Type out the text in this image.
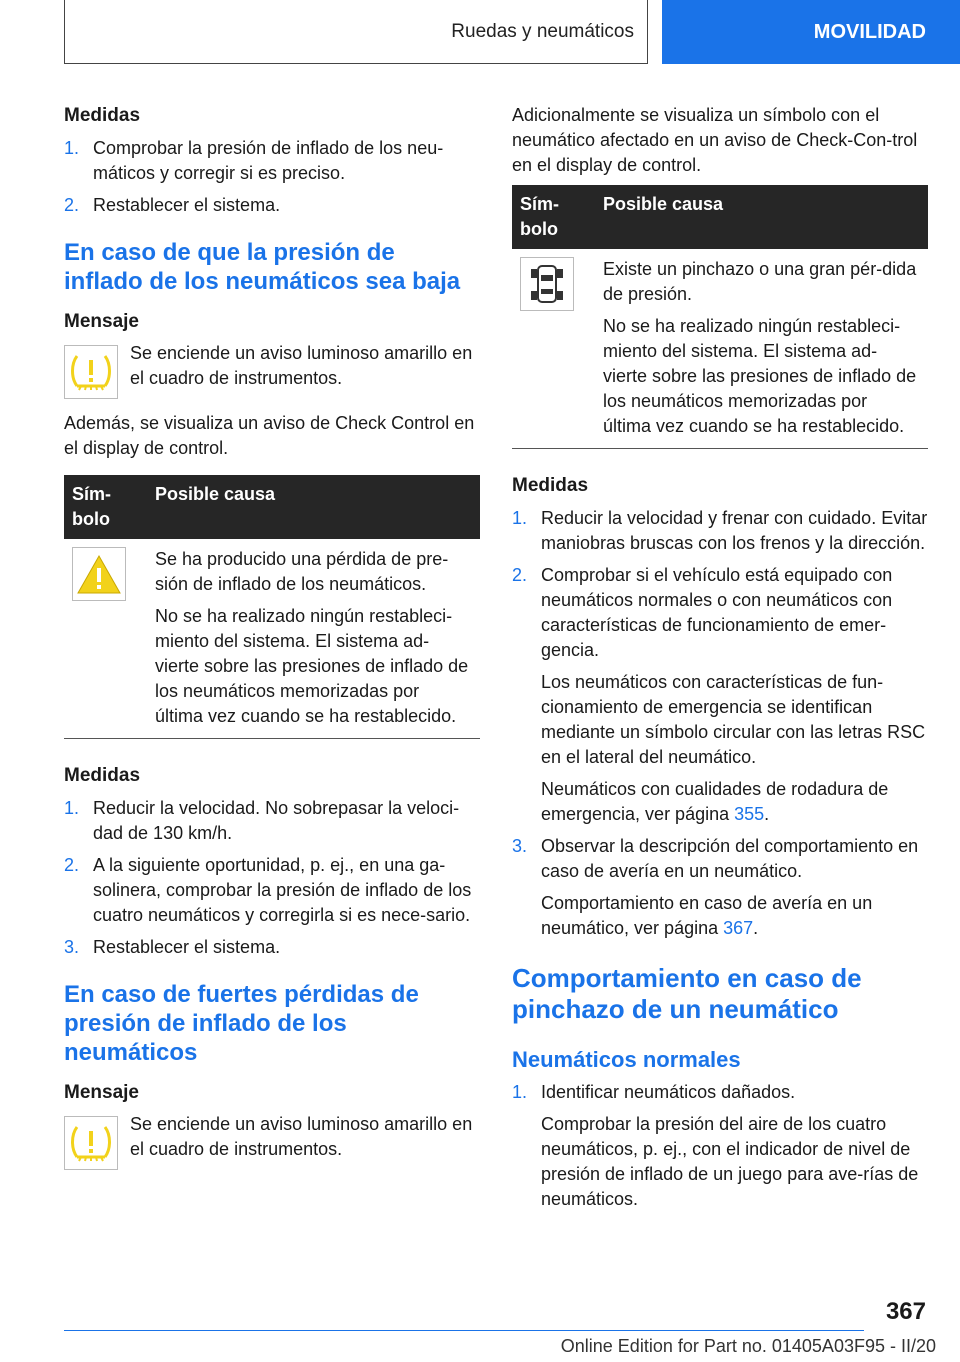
Ruedas y neumáticos	MOVILIDAD

Medidas

1. Comprobar la presión de inflado de los neu‐máticos y corregir si es preciso.

2. Restablecer el sistema.

En caso de que la presión de inflado de los neumáticos sea baja

Mensaje

Se enciende un aviso luminoso amarillo en el cuadro de instrumentos.

Además, se visualiza un aviso de Check Control en el display de control.

Sím‐bolo	Posible causa

Se ha producido una pérdida de pre‐sión de inflado de los neumáticos.

No se ha realizado ningún restableci‐miento del sistema. El sistema ad‐vierte sobre las presiones de inflado de los neumáticos memorizadas por última vez cuando se ha restablecido.

Medidas

1. Reducir la velocidad. No sobrepasar la veloci‐dad de 130 km/h.

2. A la siguiente oportunidad, p. ej., en una ga‐solinera, comprobar la presión de inflado de los cuatro neumáticos y corregirla si es nece‐sario.

3. Restablecer el sistema.

En caso de fuertes pérdidas de presión de inflado de los neumáticos

Mensaje

Se enciende un aviso luminoso amarillo en el cuadro de instrumentos.

Adicionalmente se visualiza un símbolo con el neumático afectado en un aviso de Check-Con‐trol en el display de control.

Sím‐bolo	Posible causa

Existe un pinchazo o una gran pér‐dida de presión.

No se ha realizado ningún restableci‐miento del sistema. El sistema ad‐vierte sobre las presiones de inflado de los neumáticos memorizadas por última vez cuando se ha restablecido.

Medidas

1. Reducir la velocidad y frenar con cuidado. Evitar maniobras bruscas con los frenos y la dirección.

2. Comprobar si el vehículo está equipado con neumáticos normales o con neumáticos con características de funcionamiento de emer‐gencia.

Los neumáticos con características de fun‐cionamiento de emergencia se identifican mediante un símbolo circular con las letras RSC en el lateral del neumático.

Neumáticos con cualidades de rodadura de emergencia, ver página 355.

3. Observar la descripción del comportamiento en caso de avería en un neumático.

Comportamiento en caso de avería en un neumático, ver página 367.

Comportamiento en caso de pinchazo de un neumático
Neumáticos normales
1. Identificar neumáticos dañados.

Comprobar la presión del aire de los cuatro neumáticos, p. ej., con el indicador de nivel de presión de inflado de un juego para ave‐rías de neumáticos.

367
Online Edition for Part no. 01405A03F95 - II/20
